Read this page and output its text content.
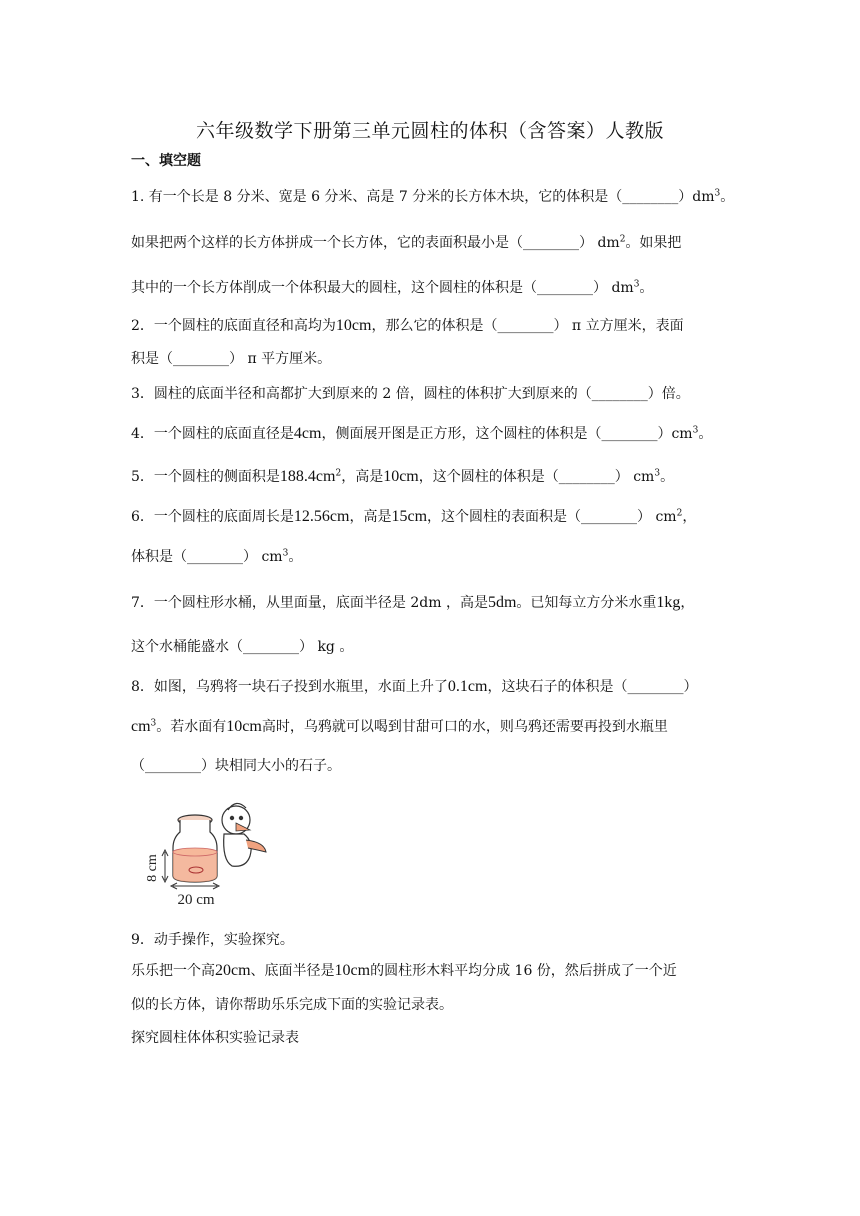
六年级数学下册第三单元圆柱的体积（含答案）人教版
一、填空题
1. 有一个长是 8 分米、宽是 6 分米、高是 7 分米的长方体木块，它的体积是$(\_\_\_\_\_\_\_\_)dm^3$。
如果把两个这样的长方体拼成一个长方体，它的表面积最小是（________） $dm^2$。如果把
其中的一个长方体削成一个体积最大的圆柱，这个圆柱的体积是（________） $dm^3$。
2．一个圆柱的底面直径和高均为10cm，那么它的体积是（________） π 立方厘米，表面
积是（________） π 平方厘米。
3．圆柱的底面半径和高都扩大到原来的 2 倍，圆柱的体积扩大到原来的（________）倍。
4．一个圆柱的底面直径是4cm，侧面展开图是正方形，这个圆柱的体积是$(\_\_\_\_\_\_\_\_)cm^3$。
5．一个圆柱的侧面积是$188.4cm^2$，高是10cm，这个圆柱的体积是（________） $cm^3$。
6．一个圆柱的底面周长是12.56cm，高是15cm，这个圆柱的表面积是（________） $cm^2$，
体积是（________） $cm^3$。
7．一个圆柱形水桶，从里面量，底面半径是 2dm ，高是5dm。已知每立方分米水重1kg，
这个水桶能盛水（________） kg 。
8．如图，乌鸦将一块石子投到水瓶里，水面上升了0.1cm，这块石子的体积是（________）
$cm^3$。若水面有10cm高时，乌鸦就可以喝到甘甜可口的水，则乌鸦还需要再投到水瓶里
（________）块相同大小的石子。
8 cm
20 cm
9．动手操作，实验探究。
乐乐把一个高20cm、底面半径是10cm的圆柱形木料平均分成 16 份，然后拼成了一个近
似的长方体，请你帮助乐乐完成下面的实验记录表。
探究圆柱体体积实验记录表
